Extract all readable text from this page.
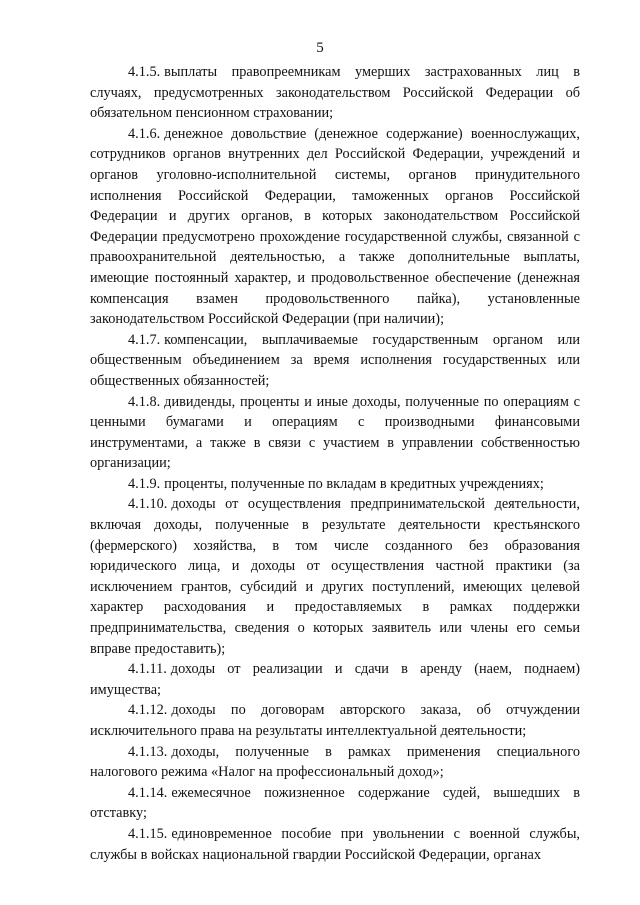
5

4.1.5. выплаты правопреемникам умерших застрахованных лиц в случаях, предусмотренных законодательством Российской Федерации об обязательном пенсионном страховании;

4.1.6. денежное довольствие (денежное содержание) военнослужащих, сотрудников органов внутренних дел Российской Федерации, учреждений и органов уголовно-исполнительной системы, органов принудительного исполнения Российской Федерации, таможенных органов Российской Федерации и других органов, в которых законодательством Российской Федерации предусмотрено прохождение государственной службы, связанной с правоохранительной деятельностью, а также дополнительные выплаты, имеющие постоянный характер, и продовольственное обеспечение (денежная компенсация взамен продовольственного пайка), установленные законодательством Российской Федерации (при наличии);

4.1.7. компенсации, выплачиваемые государственным органом или общественным объединением за время исполнения государственных или общественных обязанностей;

4.1.8. дивиденды, проценты и иные доходы, полученные по операциям с ценными бумагами и операциям с производными финансовыми инструментами, а также в связи с участием в управлении собственностью организации;

4.1.9. проценты, полученные по вкладам в кредитных учреждениях;

4.1.10. доходы от осуществления предпринимательской деятельности, включая доходы, полученные в результате деятельности крестьянского (фермерского) хозяйства, в том числе созданного без образования юридического лица, и доходы от осуществления частной практики (за исключением грантов, субсидий и других поступлений, имеющих целевой характер расходования и предоставляемых в рамках поддержки предпринимательства, сведения о которых заявитель или члены его семьи вправе предоставить);

4.1.11. доходы от реализации и сдачи в аренду (наем, поднаем) имущества;

4.1.12. доходы по договорам авторского заказа, об отчуждении исключительного права на результаты интеллектуальной деятельности;

4.1.13. доходы, полученные в рамках применения специального налогового режима «Налог на профессиональный доход»;

4.1.14. ежемесячное пожизненное содержание судей, вышедших в отставку;

4.1.15. единовременное пособие при увольнении с военной службы, службы в войсках национальной гвардии Российской Федерации, органах
